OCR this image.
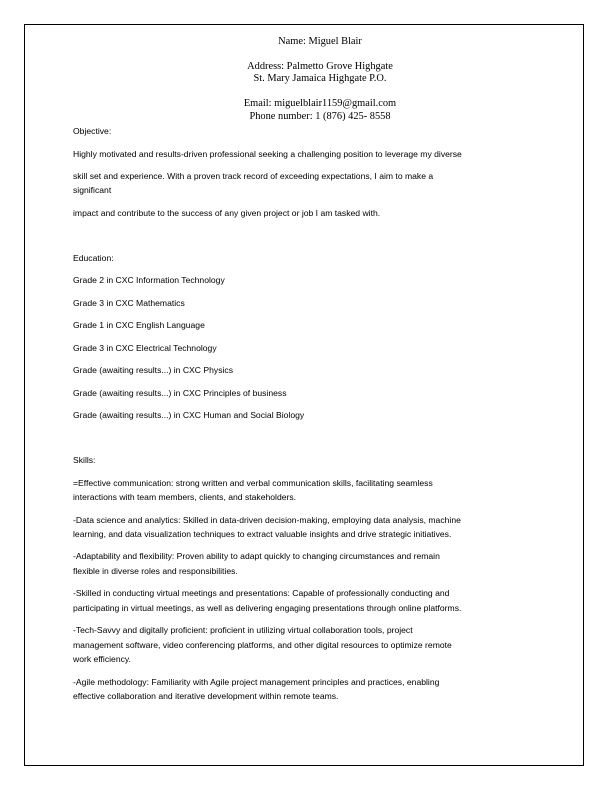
Name: Miguel Blair
Address: Palmetto Grove Highgate
St. Mary Jamaica Highgate P.O.
Email: miguelblair1159@gmail.com
Phone number: 1 (876) 425- 8558
Objective:
Highly motivated and results-driven professional seeking a challenging position to leverage my diverse
skill set and experience. With a proven track record of exceeding expectations, I aim to make a
significant
impact and contribute to the success of any given project or job I am tasked with.
Education:
Grade 2 in CXC Information Technology
Grade 3 in CXC Mathematics
Grade 1 in CXC English Language
Grade 3 in CXC Electrical Technology
Grade (awaiting results...) in CXC Physics
Grade (awaiting results...) in CXC Principles of business
Grade (awaiting results...) in CXC Human and Social Biology
Skills:
=Effective communication: strong written and verbal communication skills, facilitating seamless
interactions with team members, clients, and stakeholders.
-Data science and analytics: Skilled in data-driven decision-making, employing data analysis, machine
learning, and data visualization techniques to extract valuable insights and drive strategic initiatives.
-Adaptability and flexibility: Proven ability to adapt quickly to changing circumstances and remain
flexible in diverse roles and responsibilities.
-Skilled in conducting virtual meetings and presentations: Capable of professionally conducting and
participating in virtual meetings, as well as delivering engaging presentations through online platforms.
-Tech-Savvy and digitally proficient: proficient in utilizing virtual collaboration tools, project
management software, video conferencing platforms, and other digital resources to optimize remote
work efficiency.
-Agile methodology: Familiarity with Agile project management principles and practices, enabling
effective collaboration and iterative development within remote teams.
